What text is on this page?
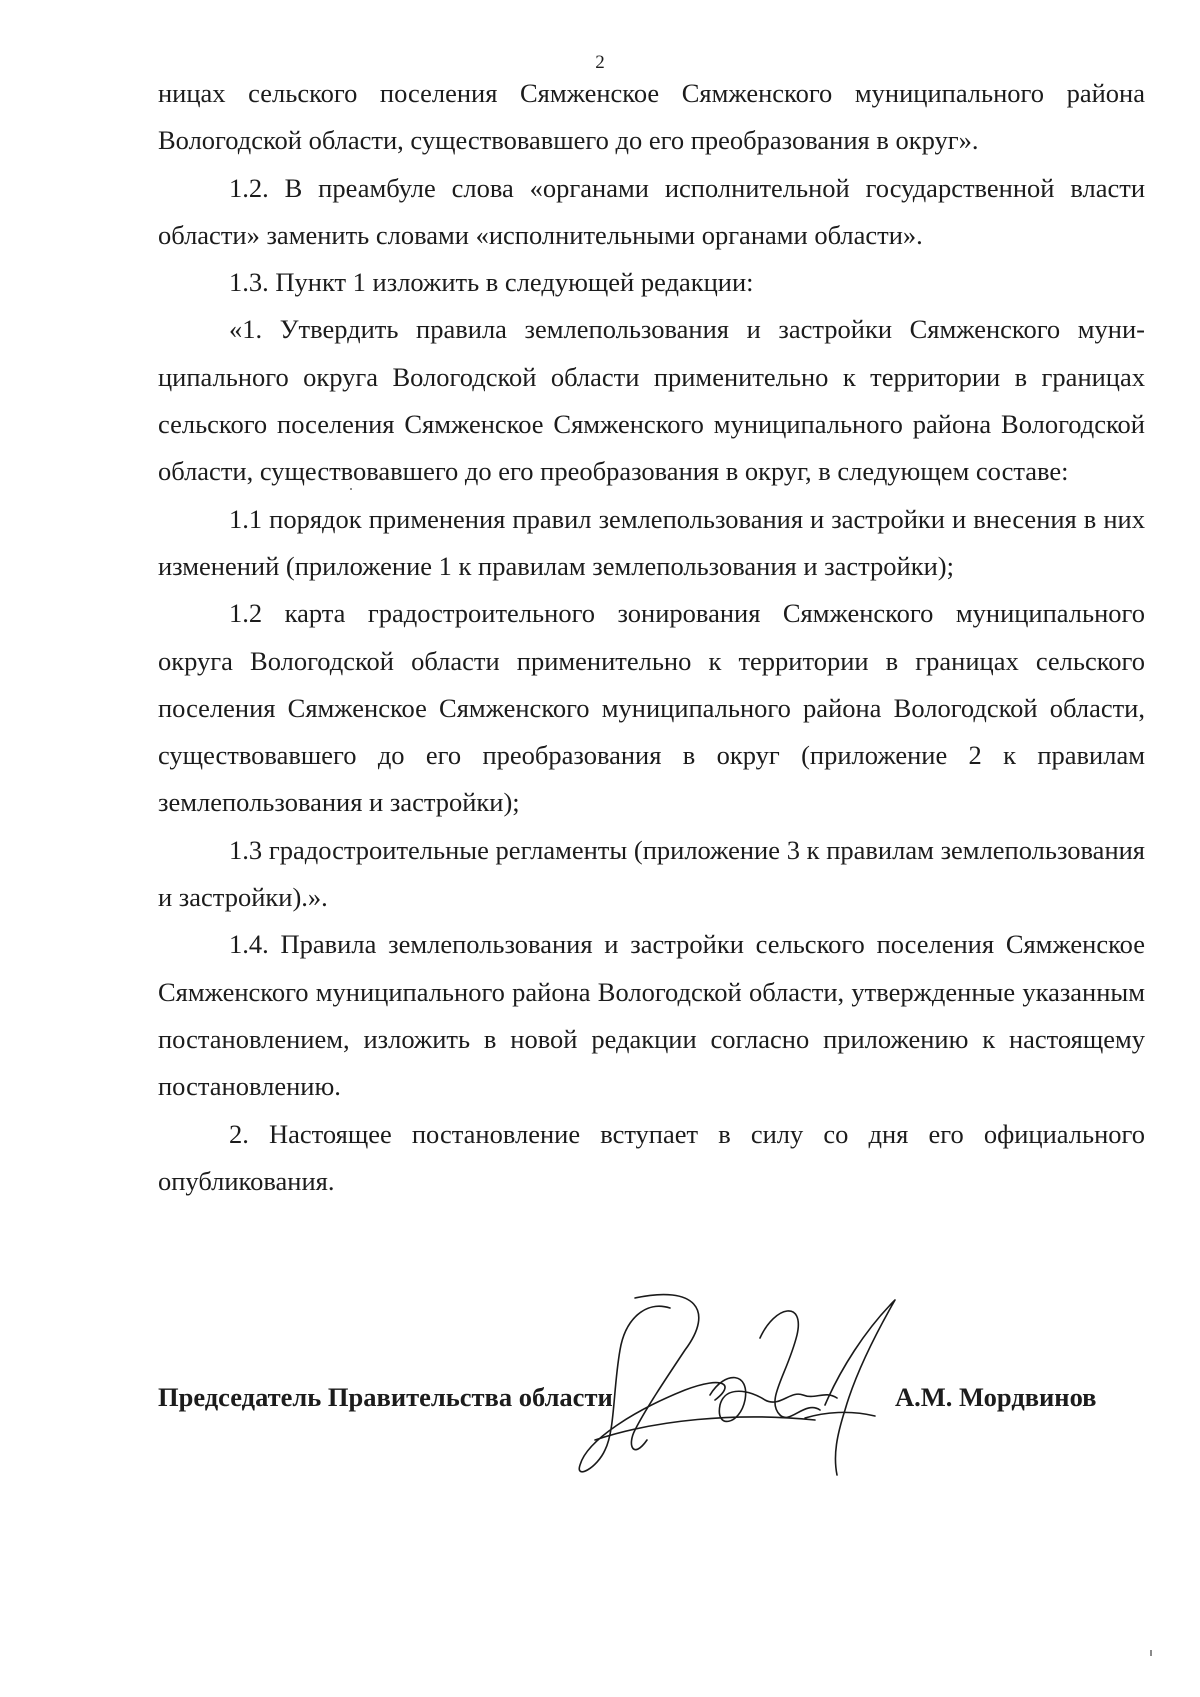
2

ницах сельского поселения Сямженское Сямженского муниципального района Вологодской области, существовавшего до его преобразования в округ».

1.2. В преамбуле слова «органами исполнительной государственной власти области» заменить словами «исполнительными органами области».

1.3. Пункт 1 изложить в следующей редакции:

«1. Утвердить правила землепользования и застройки Сямженского муниципального округа Вологодской области применительно к территории в границах сельского поселения Сямженское Сямженского муниципального района Вологодской области, существовавшего до его преобразования в округ, в следующем составе:

1.1 порядок применения правил землепользования и застройки и внесения в них изменений (приложение 1 к правилам землепользования и застройки);

1.2 карта градостроительного зонирования Сямженского муниципального округа Вологодской области применительно к территории в границах сельского поселения Сямженское Сямженского муниципального района Вологодской области, существовавшего до его преобразования в округ (приложение 2 к правилам землепользования и застройки);

1.3 градостроительные регламенты (приложение 3 к правилам землепользования и застройки).».

1.4. Правила землепользования и застройки сельского поселения Сямженское Сямженского муниципального района Вологодской области, утвержденные указанным постановлением, изложить в новой редакции согласно приложению к настоящему постановлению.

2. Настоящее постановление вступает в силу со дня его официального опубликования.

Председатель Правительства области	А.М. Мордвинов
